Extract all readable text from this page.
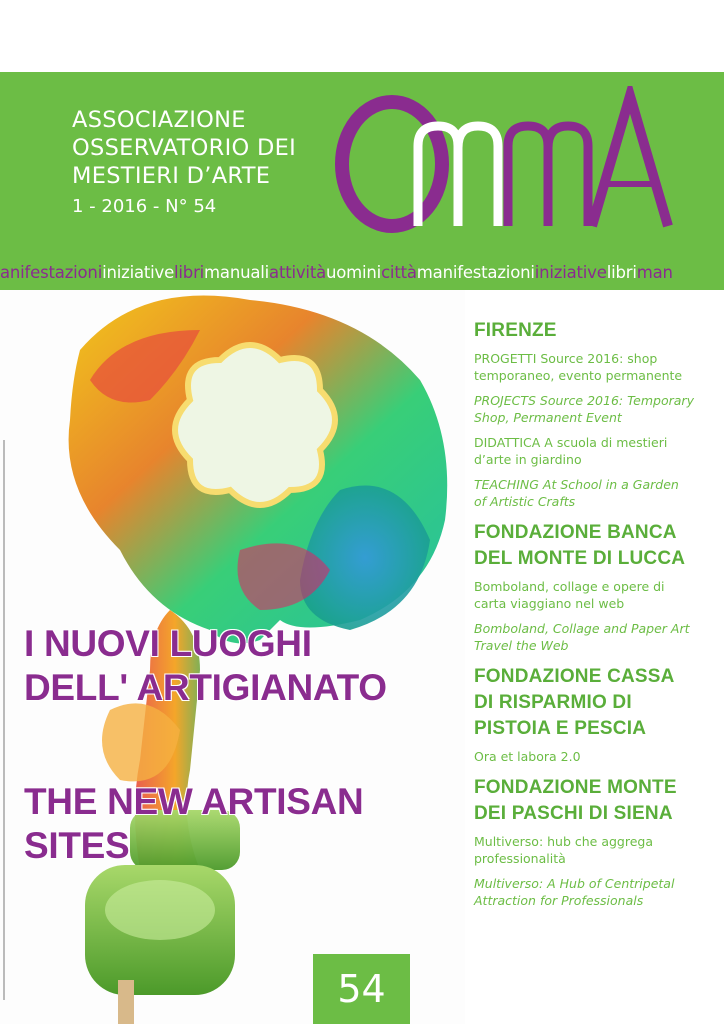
ASSOCIAZIONE
OSSERVATORIO DEI
MESTIERI D’ARTE
1 - 2016 - N° 54
anifestazioniiniziativelibrimanualiattivitàuominicittàmanifestazioniiniziativelibriman
I NUOVI LUOGHI
DELL' ARTIGIANATO
THE NEW ARTISAN
SITES
FIRENZE
PROGETTI Source 2016: shop
temporaneo, evento permanente
PROJECTS Source 2016: Temporary
Shop, Permanent Event
DIDATTICA A scuola di mestieri
d’arte in giardino
TEACHING At School in a Garden
of Artistic Crafts
FONDAZIONE BANCA
DEL MONTE DI LUCCA
Bomboland, collage e opere di
carta viaggiano nel web
Bomboland, Collage and Paper Art
Travel the Web
FONDAZIONE CASSA
DI RISPARMIO DI
PISTOIA E PESCIA
Ora et labora 2.0
FONDAZIONE MONTE
DEI PASCHI DI SIENA
Multiverso: hub che aggrega
professionalità
Multiverso: A Hub of Centripetal
Attraction for Professionals
54
